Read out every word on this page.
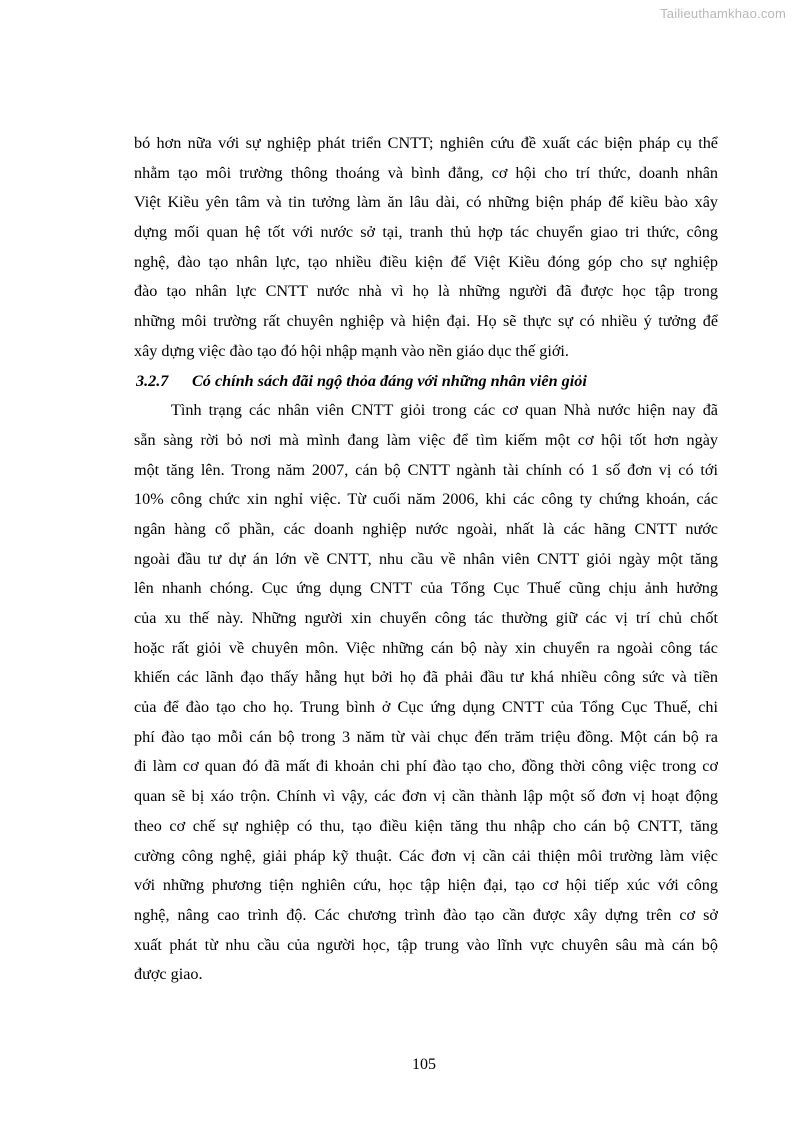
Tailieuthamkhao.com
bó hơn nữa với sự nghiệp phát triển CNTT; nghiên cứu đề xuất các biện pháp cụ thể
nhằm tạo môi trường thông thoáng và bình đẳng, cơ hội cho trí thức, doanh nhân
Việt Kiều yên tâm và tin tưởng làm ăn lâu dài, có những biện pháp để kiều bào xây
dựng mối quan hệ tốt với nước sở tại, tranh thủ hợp tác chuyển giao tri thức, công
nghệ, đào tạo nhân lực, tạo nhiều điều kiện để Việt Kiều đóng góp cho sự nghiệp
đào tạo nhân lực CNTT nước nhà vì họ là những người đã được học tập trong
những môi trường rất chuyên nghiệp và hiện đại. Họ sẽ thực sự có nhiều ý tưởng để
xây dựng việc đào tạo đó hội nhập mạnh vào nền giáo dục thế giới.
3.2.7 Có chính sách đãi ngộ thỏa đáng với những nhân viên giỏi
Tình trạng các nhân viên CNTT giỏi trong các cơ quan Nhà nước hiện nay đã
sẵn sàng rời bỏ nơi mà mình đang làm việc để tìm kiếm một cơ hội tốt hơn ngày
một tăng lên. Trong năm 2007, cán bộ CNTT ngành tài chính có 1 số đơn vị có tới
10% công chức xin nghỉ việc. Từ cuối năm 2006, khi các công ty chứng khoán, các
ngân hàng cổ phần, các doanh nghiệp nước ngoài, nhất là các hãng CNTT nước
ngoài đầu tư dự án lớn về CNTT, nhu cầu về nhân viên CNTT giỏi ngày một tăng
lên nhanh chóng. Cục ứng dụng CNTT của Tổng Cục Thuế cũng chịu ảnh hưởng
của xu thế này. Những người xin chuyển công tác thường giữ các vị trí chủ chốt
hoặc rất giỏi về chuyên môn. Việc những cán bộ này xin chuyển ra ngoài công tác
khiến các lãnh đạo thấy hẫng hụt bởi họ đã phải đầu tư khá nhiều công sức và tiền
của để đào tạo cho họ. Trung bình ở Cục ứng dụng CNTT của Tổng Cục Thuế, chi
phí đào tạo mỗi cán bộ trong 3 năm từ vài chục đến trăm triệu đồng. Một cán bộ ra
đi làm cơ quan đó đã mất đi khoản chi phí đào tạo cho, đồng thời công việc trong cơ
quan sẽ bị xáo trộn. Chính vì vậy, các đơn vị cần thành lập một số đơn vị hoạt động
theo cơ chế sự nghiệp có thu, tạo điều kiện tăng thu nhập cho cán bộ CNTT, tăng
cường công nghệ, giải pháp kỹ thuật. Các đơn vị cần cải thiện môi trường làm việc
với những phương tiện nghiên cứu, học tập hiện đại, tạo cơ hội tiếp xúc với công
nghệ, nâng cao trình độ. Các chương trình đào tạo cần được xây dựng trên cơ sở
xuất phát từ nhu cầu của người học, tập trung vào lĩnh vực chuyên sâu mà cán bộ
được giao.
105
